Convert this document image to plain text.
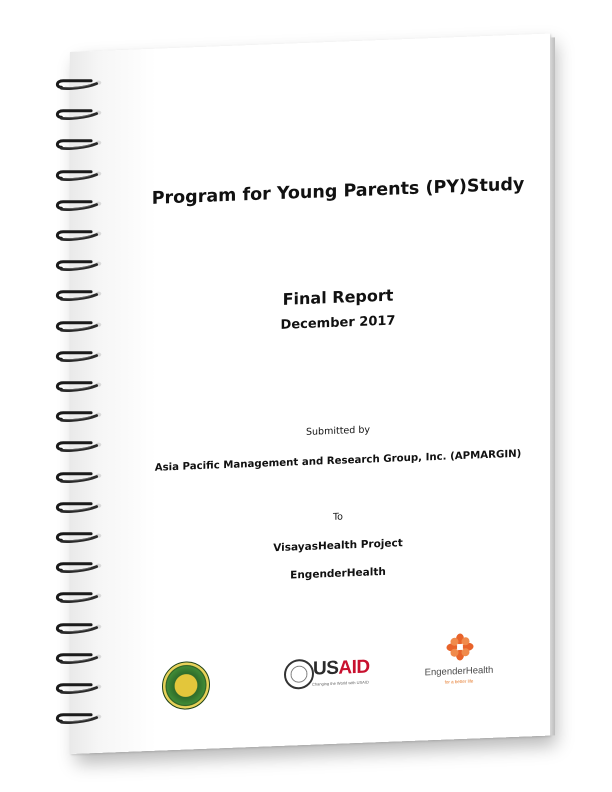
Program for Young Parents (PY)Study
Final Report
December 2017
Submitted by
Asia Pacific Management and Research Group, Inc. (APMARGIN)
To
VisayasHealth Project
EngenderHealth
USAID
Changing the World with USAID
EngenderHealth
for a better life
